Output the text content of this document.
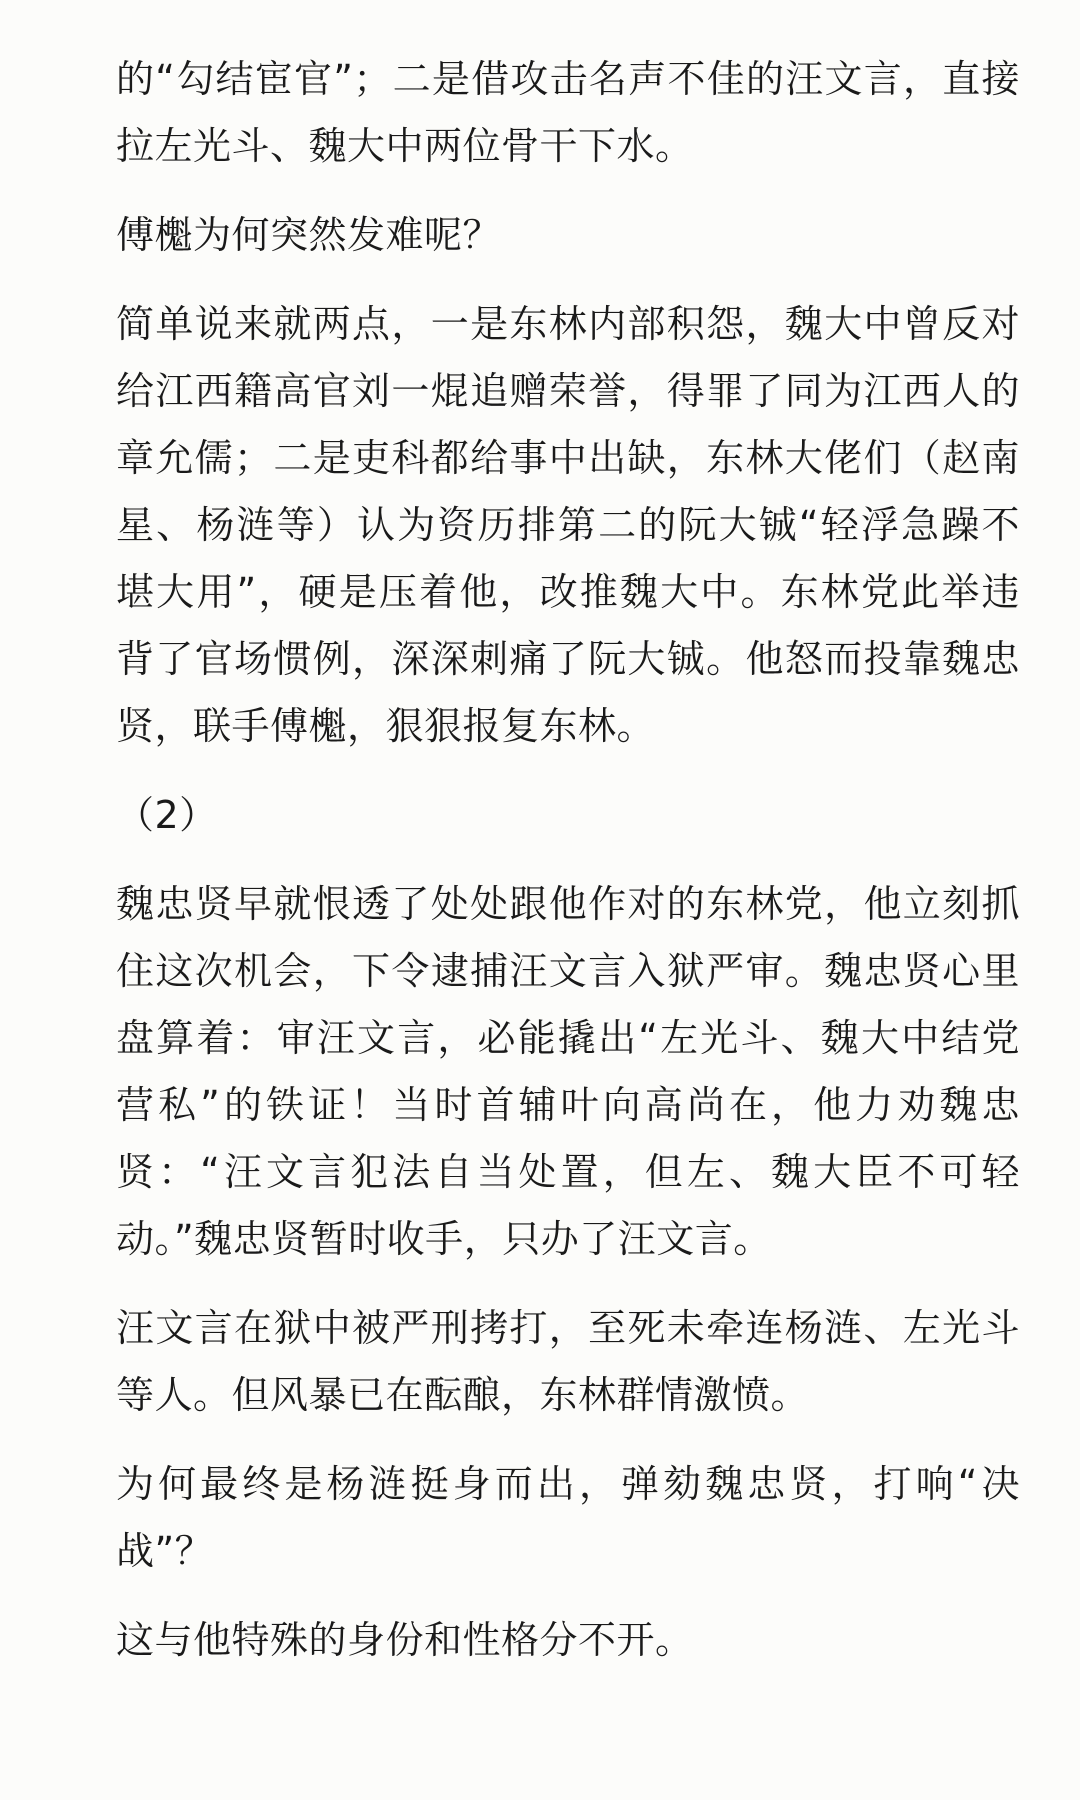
的“勾结宦官”；二是借攻击名声不佳的汪文言，直接拉左光斗、魏大中两位骨干下水。

傅櫆为何突然发难呢？

简单说来就两点，一是东林内部积怨，魏大中曾反对给江西籍高官刘一焜追赠荣誉，得罪了同为江西人的章允儒；二是吏科都给事中出缺，东林大佬们（赵南星、杨涟等）认为资历排第二的阮大铖“轻浮急躁不堪大用”，硬是压着他，改推魏大中。东林党此举违背了官场惯例，深深刺痛了阮大铖。他怒而投靠魏忠贤，联手傅櫆，狠狠报复东林。

（2）

魏忠贤早就恨透了处处跟他作对的东林党，他立刻抓住这次机会，下令逮捕汪文言入狱严审。魏忠贤心里盘算着：审汪文言，必能撬出“左光斗、魏大中结党营私”的铁证！当时首辅叶向高尚在，他力劝魏忠贤：“汪文言犯法自当处置，但左、魏大臣不可轻动。”魏忠贤暂时收手，只办了汪文言。

汪文言在狱中被严刑拷打，至死未牵连杨涟、左光斗等人。但风暴已在酝酿，东林群情激愤。

为何最终是杨涟挺身而出，弹劾魏忠贤，打响“决战”？

这与他特殊的身份和性格分不开。
